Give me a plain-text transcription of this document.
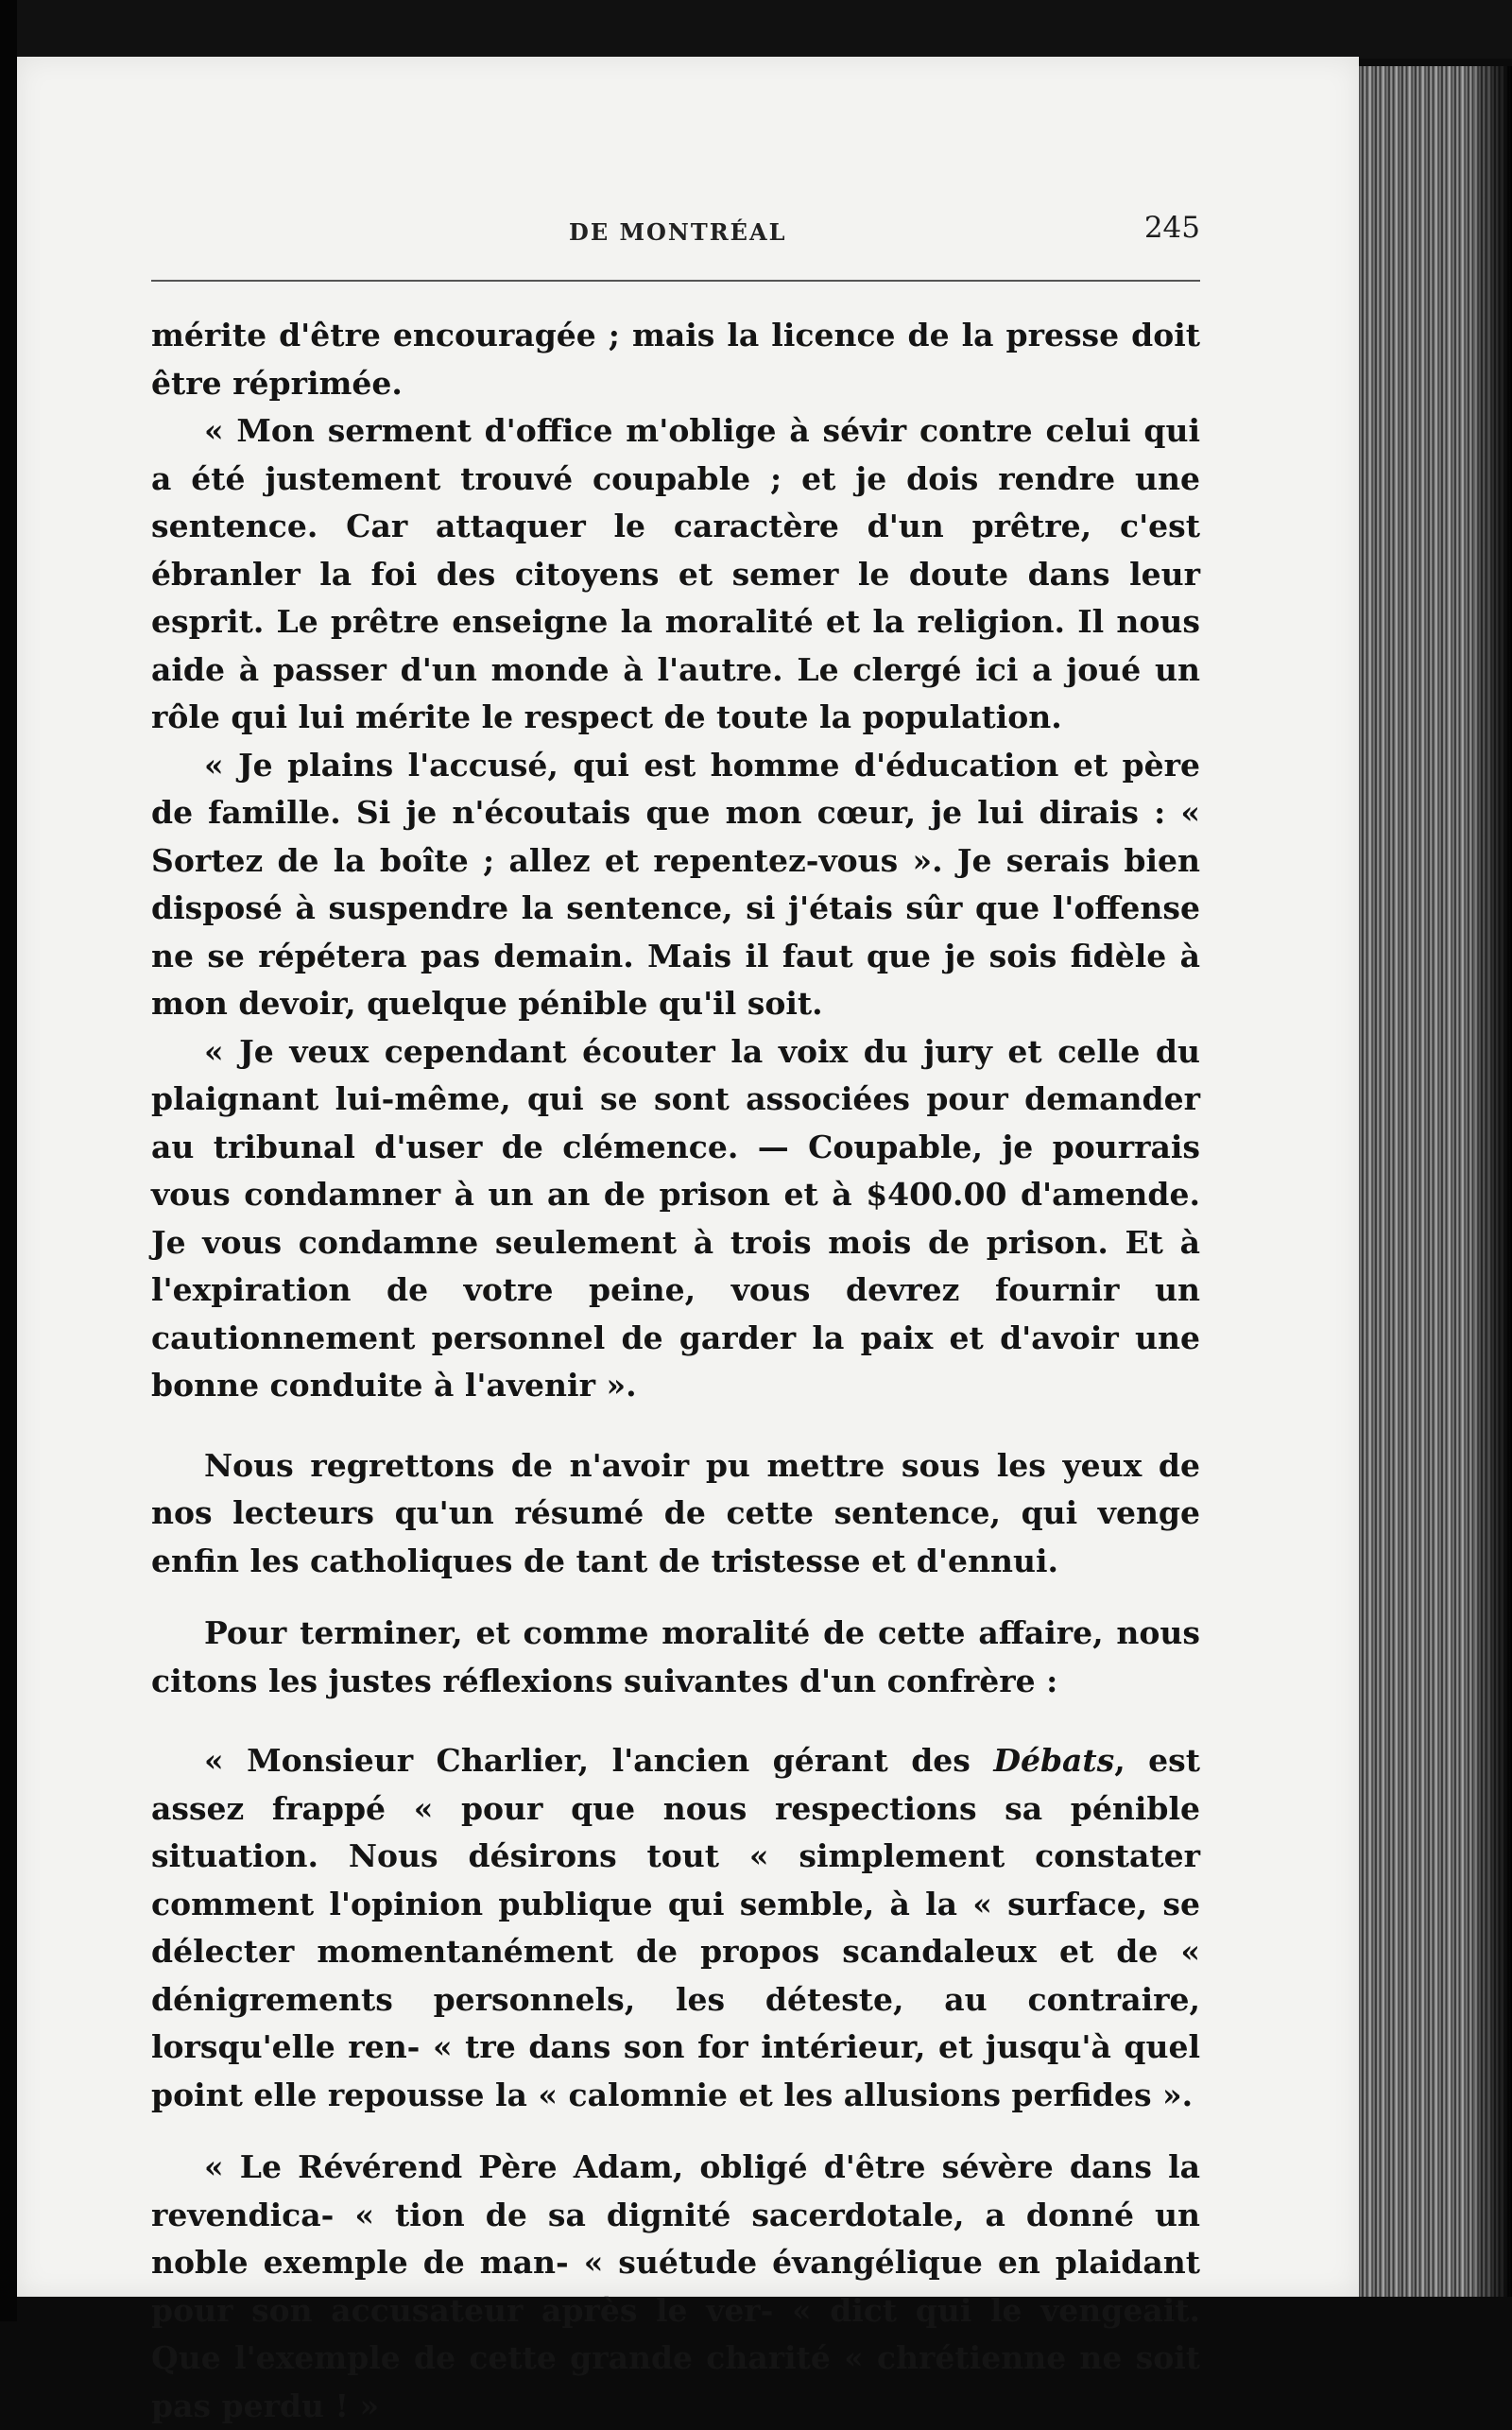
DE MONTRÉAL	245

mérite d'être encouragée ; mais la licence de la presse doit être réprimée.

« Mon serment d'office m'oblige à sévir contre celui qui a été justement trouvé coupable ; et je dois rendre une sentence. Car attaquer le caractère d'un prêtre, c'est ébranler la foi des citoyens et semer le doute dans leur esprit. Le prêtre enseigne la moralité et la religion. Il nous aide à passer d'un monde à l'autre. Le clergé ici a joué un rôle qui lui mérite le respect de toute la population.

« Je plains l'accusé, qui est homme d'éducation et père de famille. Si je n'écoutais que mon cœur, je lui dirais : « Sortez de la boîte ; allez et repentez-vous ». Je serais bien disposé à suspendre la sentence, si j'étais sûr que l'offense ne se répétera pas demain. Mais il faut que je sois fidèle à mon devoir, quelque pénible qu'il soit.

« Je veux cependant écouter la voix du jury et celle du plaignant lui-même, qui se sont associées pour demander au tribunal d'user de clémence. — Coupable, je pourrais vous condamner à un an de prison et à $400.00 d'amende. Je vous condamne seulement à trois mois de prison. Et à l'expiration de votre peine, vous devrez fournir un cautionnement personnel de garder la paix et d'avoir une bonne conduite à l'avenir ».

Nous regrettons de n'avoir pu mettre sous les yeux de nos lecteurs qu'un résumé de cette sentence, qui venge enfin les catholiques de tant de tristesse et d'ennui.

Pour terminer, et comme moralité de cette affaire, nous citons les justes réflexions suivantes d'un confrère :

« Monsieur Charlier, l'ancien gérant des Débats, est assez frappé « pour que nous respections sa pénible situation. Nous désirons tout « simplement constater comment l'opinion publique qui semble, à la « surface, se délecter momentanément de propos scandaleux et de « dénigrements personnels, les déteste, au contraire, lorsqu'elle ren- « tre dans son for intérieur, et jusqu'à quel point elle repousse la « calomnie et les allusions perfides ».

« Le Révérend Père Adam, obligé d'être sévère dans la revendica- « tion de sa dignité sacerdotale, a donné un noble exemple de man- « suétude évangélique en plaidant pour son accusateur après le ver- « dict qui le vengeait. Que l'exemple de cette grande charité « chrétienne ne soit pas perdu ! »
